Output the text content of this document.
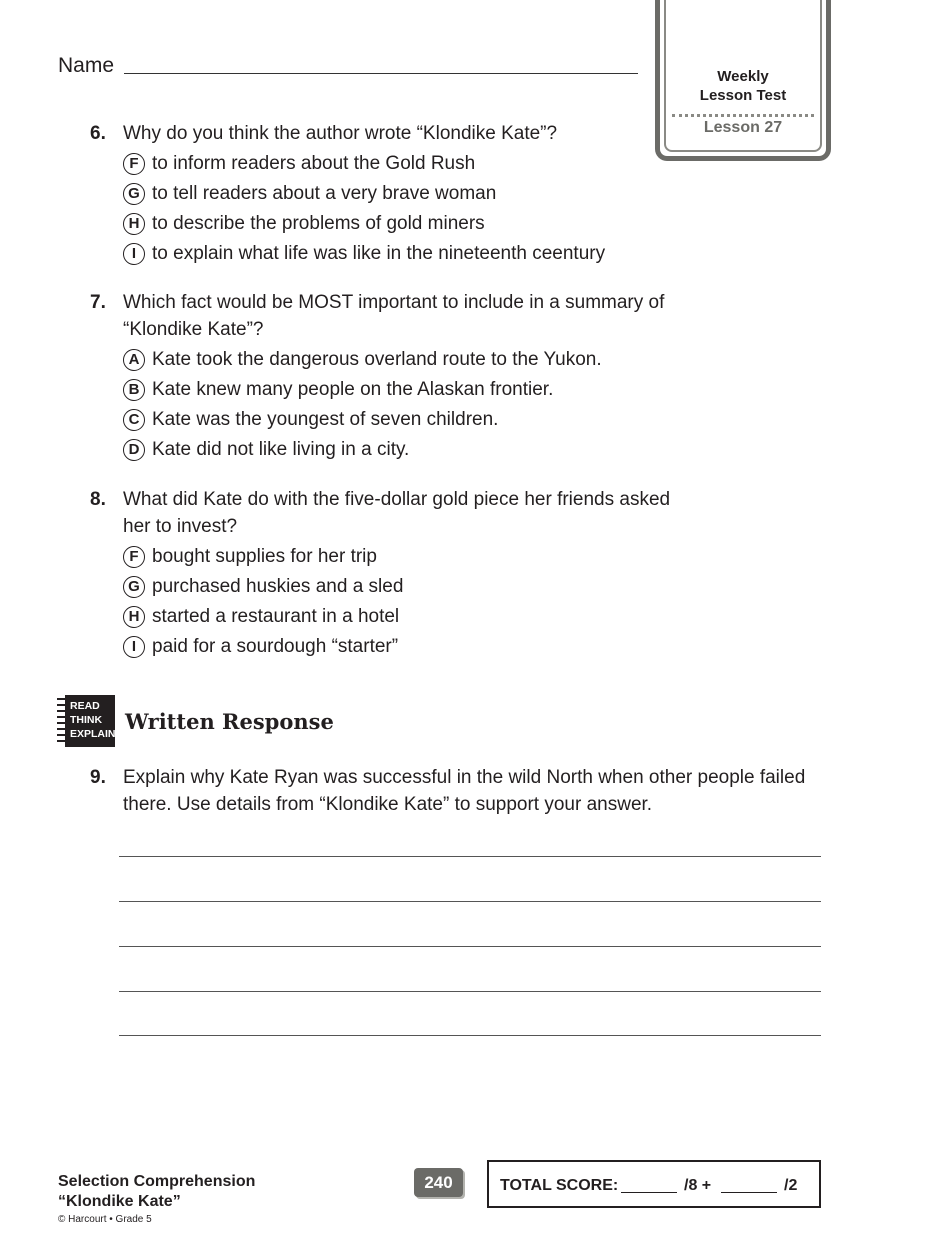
Name	Weekly
Lesson Test
Lesson 27
6. Why do you think the author wrote “Klondike Kate”?
F to inform readers about the Gold Rush
G to tell readers about a very brave woman
H to describe the problems of gold miners
I to explain what life was like in the nineteenth ceentury
7. Which fact would be MOST important to include in a summary of
“Klondike Kate”?
A Kate took the dangerous overland route to the Yukon.
B Kate knew many people on the Alaskan frontier.
C Kate was the youngest of seven children.
D Kate did not like living in a city.
8. What did Kate do with the five-dollar gold piece her friends asked
her to invest?
F bought supplies for her trip
G purchased huskies and a sled
H started a restaurant in a hotel
I paid for a sourdough “starter”
READ
THINK
EXPLAIN Written Response
9. Explain why Kate Ryan was successful in the wild North when other people failed
there. Use details from “Klondike Kate” to support your answer.
Selection Comprehension
“Klondike Kate”
© Harcourt • Grade 5
240	TOTAL SCORE:	/8 +	/2
